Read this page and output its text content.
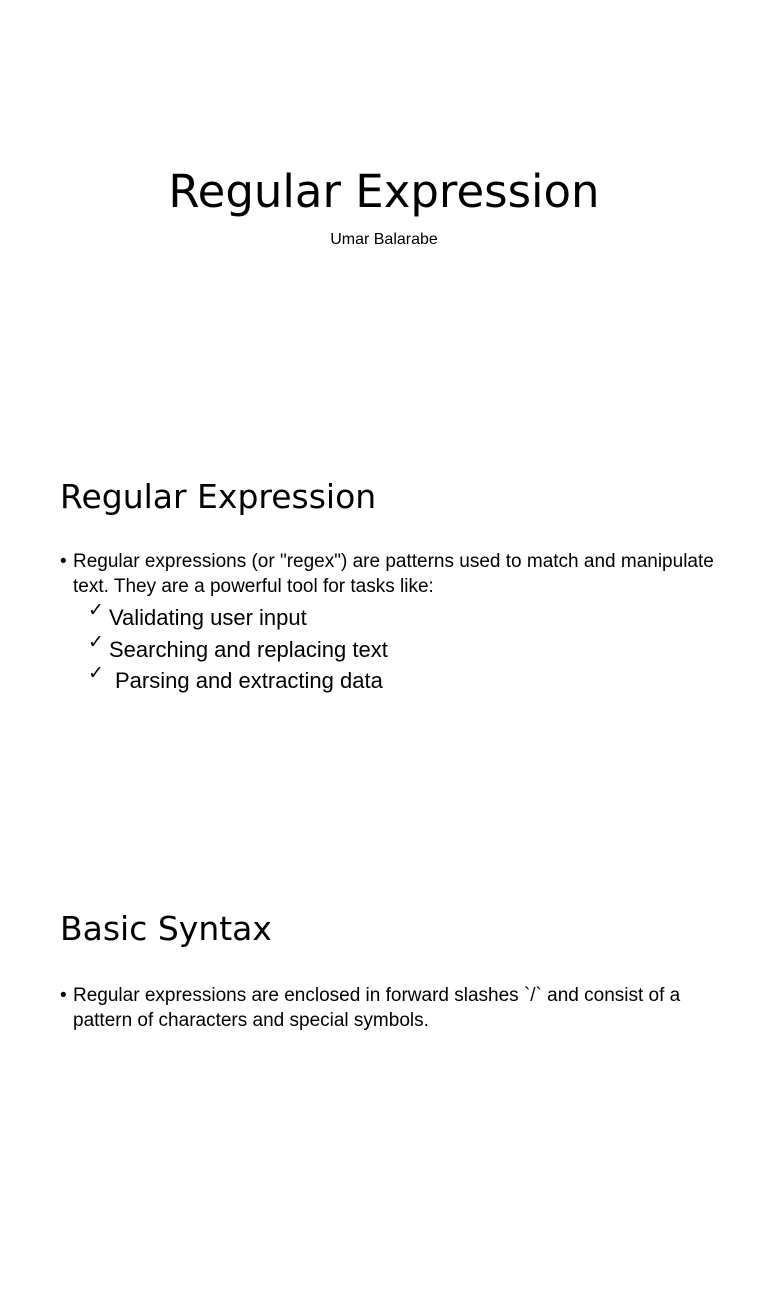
Regular Expression

Umar Balarabe

Regular Expression

• Regular expressions (or "regex") are patterns used to match and manipulate text. They are a powerful tool for tasks like:

✓ Validating user input
✓ Searching and replacing text
✓ Parsing and extracting data
Basic Syntax

• Regular expressions are enclosed in forward slashes `/` and consist of a pattern of characters and special symbols.
